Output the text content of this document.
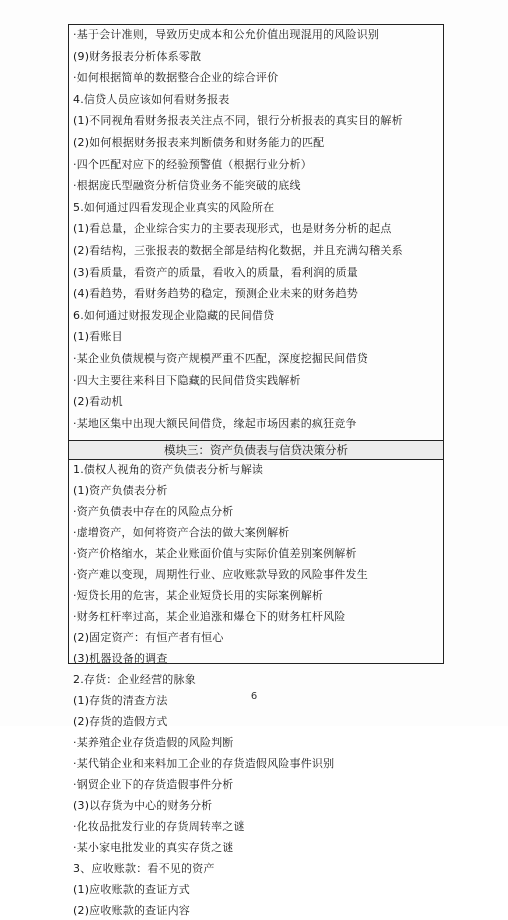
·基于会计准则，导致历史成本和公允价值出现混用的风险识别
(9)财务报表分析体系零散
·如何根据简单的数据整合企业的综合评价
4.信贷人员应该如何看财务报表
(1)不同视角看财务报表关注点不同，银行分析报表的真实目的解析
(2)如何根据财务报表来判断债务和财务能力的匹配
·四个匹配对应下的经验预警值（根据行业分析）
·根据庞氏型融资分析信贷业务不能突破的底线
5.如何通过四看发现企业真实的风险所在
(1)看总量，企业综合实力的主要表现形式，也是财务分析的起点
(2)看结构，三张报表的数据全部是结构化数据，并且充满勾稽关系
(3)看质量，看资产的质量，看收入的质量，看利润的质量
(4)看趋势，看财务趋势的稳定，预测企业未来的财务趋势
6.如何通过财报发现企业隐藏的民间借贷
(1)看账目
·某企业负债规模与资产规模严重不匹配，深度挖掘民间借贷
·四大主要往来科目下隐藏的民间借贷实践解析
(2)看动机
·某地区集中出现大额民间借贷，缘起市场因素的疯狂竞争
模块三：资产负债表与信贷决策分析
1.债权人视角的资产负债表分析与解读
(1)资产负债表分析
·资产负债表中存在的风险点分析
·虚增资产，如何将资产合法的做大案例解析
·资产价格缩水，某企业账面价值与实际价值差别案例解析
·资产难以变现，周期性行业、应收账款导致的风险事件发生
·短贷长用的危害，某企业短贷长用的实际案例解析
·财务杠杆率过高，某企业追涨和爆仓下的财务杠杆风险
(2)固定资产：有恒产者有恒心
(3)机器设备的调查
2.存货：企业经营的脉象
(1)存货的清查方法
(2)存货的造假方式
·某养殖企业存货造假的风险判断
·某代销企业和来料加工企业的存货造假风险事件识别
·钢贸企业下的存货造假事件分析
(3)以存货为中心的财务分析
·化妆品批发行业的存货周转率之谜
·某小家电批发业的真实存货之谜
3、应收账款：看不见的资产
(1)应收账款的查证方式
(2)应收账款的查证内容
6
